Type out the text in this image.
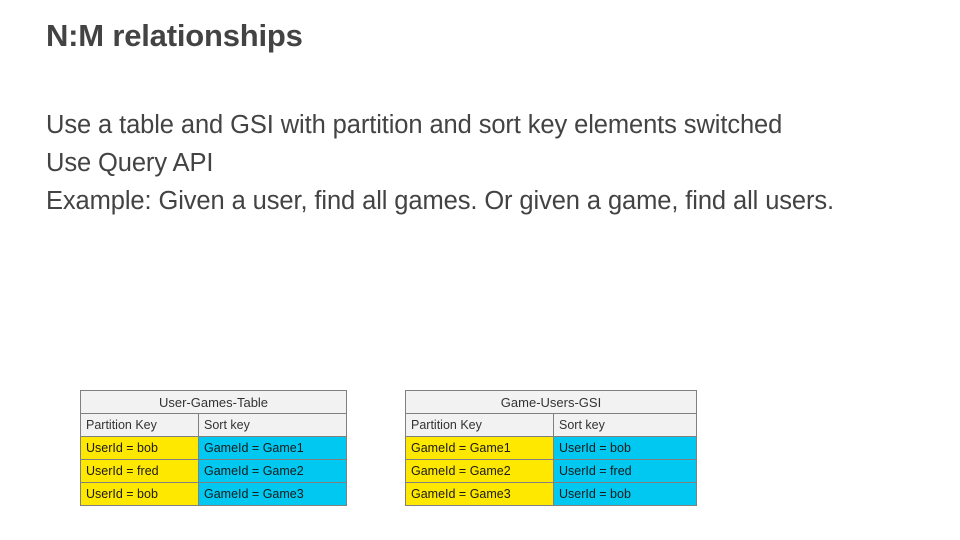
N:M relationships

Use a table and GSI with partition and sort key elements switched

Use Query API

Example: Given a user, find all games. Or given a game, find all users.

User-Games-Table	
Partition Key	Sort key
UserId = bob	GameId = Game1
UserId = fred	GameId = Game2
UserId = bob	GameId = Game3
Game-Users-GSI	
Partition Key	Sort key
GameId = Game1	UserId = bob
GameId = Game2	UserId = fred
GameId = Game3	UserId = bob
